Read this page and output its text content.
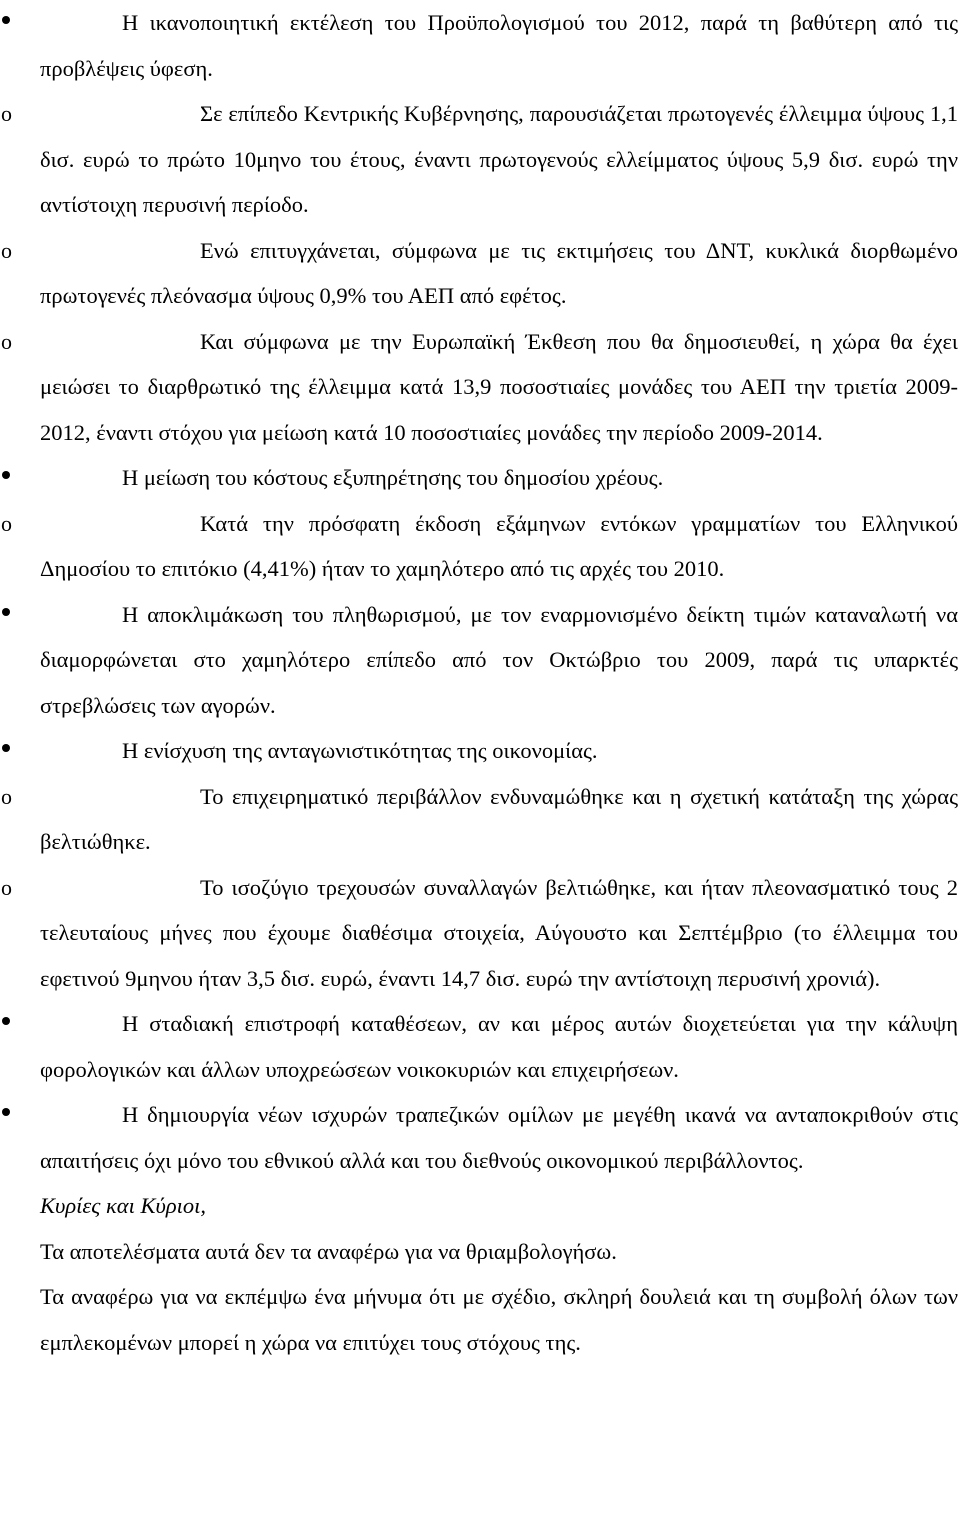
Η ικανοποιητική εκτέλεση του Προϋπολογισμού του 2012, παρά τη βαθύτερη από τις προβλέψεις ύφεση.

o	Σε επίπεδο Κεντρικής Κυβέρνησης, παρουσιάζεται πρωτογενές έλλειμμα ύψους 1,1 δισ. ευρώ το πρώτο 10μηνο του έτους, έναντι πρωτογενούς ελλείμματος ύψους 5,9 δισ. ευρώ την αντίστοιχη περυσινή περίοδο.

o	Ενώ επιτυγχάνεται, σύμφωνα με τις εκτιμήσεις του ΔΝΤ, κυκλικά διορθωμένο πρωτογενές πλεόνασμα ύψους 0,9% του ΑΕΠ από εφέτος.

o	Και σύμφωνα με την Ευρωπαϊκή Έκθεση που θα δημοσιευθεί, η χώρα θα έχει μειώσει το διαρθρωτικό της έλλειμμα κατά 13,9 ποσοστιαίες μονάδες του ΑΕΠ την τριετία 2009-2012, έναντι στόχου για μείωση κατά 10 ποσοστιαίες μονάδες την περίοδο 2009-2014.

Η μείωση του κόστους εξυπηρέτησης του δημοσίου χρέους.

o	Κατά την πρόσφατη έκδοση εξάμηνων εντόκων γραμματίων του Ελληνικού Δημοσίου το επιτόκιο (4,41%) ήταν το χαμηλότερο από τις αρχές του 2010.

Η αποκλιμάκωση του πληθωρισμού, με τον εναρμονισμένο δείκτη τιμών καταναλωτή να διαμορφώνεται στο χαμηλότερο επίπεδο από τον Οκτώβριο του 2009, παρά τις υπαρκτές στρεβλώσεις των αγορών.

Η ενίσχυση της ανταγωνιστικότητας της οικονομίας.

o	Το επιχειρηματικό περιβάλλον ενδυναμώθηκε και η σχετική κατάταξη της χώρας βελτιώθηκε.

o	Το ισοζύγιο τρεχουσών συναλλαγών βελτιώθηκε, και ήταν πλεονασματικό τους 2 τελευταίους μήνες που έχουμε διαθέσιμα στοιχεία, Αύγουστο και Σεπτέμβριο (το έλλειμμα του εφετινού 9μηνου ήταν 3,5 δισ. ευρώ, έναντι 14,7 δισ. ευρώ την αντίστοιχη περυσινή χρονιά).

Η σταδιακή επιστροφή καταθέσεων, αν και μέρος αυτών διοχετεύεται για την κάλυψη φορολογικών και άλλων υποχρεώσεων νοικοκυριών και επιχειρήσεων.

Η δημιουργία νέων ισχυρών τραπεζικών ομίλων με μεγέθη ικανά να ανταποκριθούν στις απαιτήσεις όχι μόνο του εθνικού αλλά και του διεθνούς οικονομικού περιβάλλοντος.

Κυρίες και Κύριοι,

Τα αποτελέσματα αυτά δεν τα αναφέρω για να θριαμβολογήσω.

Τα αναφέρω για να εκπέμψω ένα μήνυμα ότι με σχέδιο, σκληρή δουλειά και τη συμβολή όλων των εμπλεκομένων μπορεί η χώρα να επιτύχει τους στόχους της.
